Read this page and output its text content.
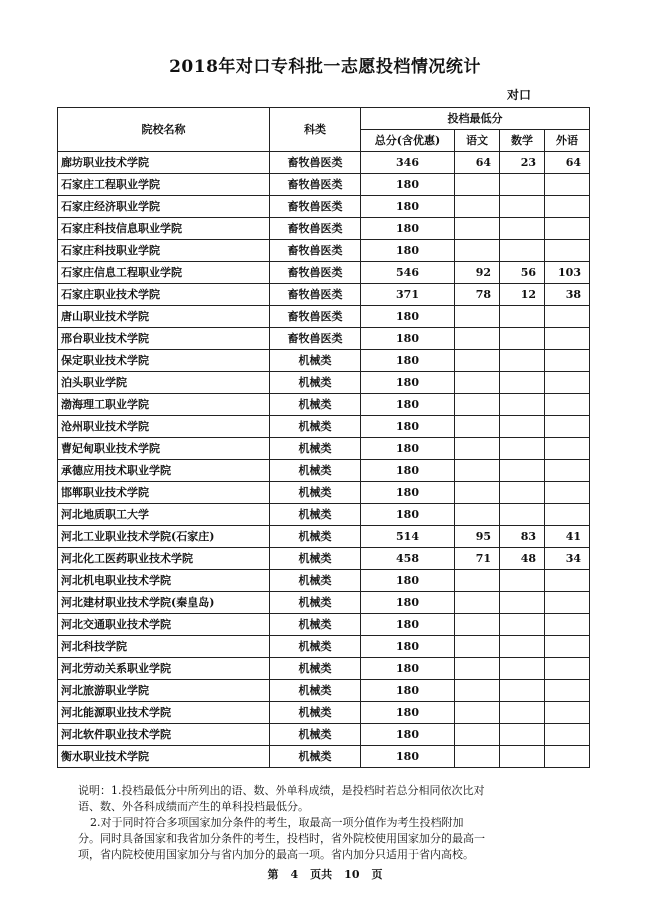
2018年对口专科批一志愿投档情况统计
对口
院校名称	科类	投档最低分			
		总分(含优惠)	语文	数学	外语
廊坊职业技术学院	畜牧兽医类	346	64	23	64
石家庄工程职业学院	畜牧兽医类	180			
石家庄经济职业学院	畜牧兽医类	180			
石家庄科技信息职业学院	畜牧兽医类	180			
石家庄科技职业学院	畜牧兽医类	180			
石家庄信息工程职业学院	畜牧兽医类	546	92	56	103
石家庄职业技术学院	畜牧兽医类	371	78	12	38
唐山职业技术学院	畜牧兽医类	180			
邢台职业技术学院	畜牧兽医类	180			
保定职业技术学院	机械类	180			
泊头职业学院	机械类	180			
渤海理工职业学院	机械类	180			
沧州职业技术学院	机械类	180			
曹妃甸职业技术学院	机械类	180			
承德应用技术职业学院	机械类	180			
邯郸职业技术学院	机械类	180			
河北地质职工大学	机械类	180			
河北工业职业技术学院(石家庄)	机械类	514	95	83	41
河北化工医药职业技术学院	机械类	458	71	48	34
河北机电职业技术学院	机械类	180			
河北建材职业技术学院(秦皇岛)	机械类	180			
河北交通职业技术学院	机械类	180			
河北科技学院	机械类	180			
河北劳动关系职业学院	机械类	180			
河北旅游职业学院	机械类	180			
河北能源职业技术学院	机械类	180			
河北软件职业技术学院	机械类	180			
衡水职业技术学院	机械类	180			

说明：1.投档最低分中所列出的语、数、外单科成绩，是投档时若总分相同依次比对

语、数、外各科成绩而产生的单科投档最低分。

2.对于同时符合多项国家加分条件的考生，取最高一项分值作为考生投档附加

分。同时具备国家和我省加分条件的考生，投档时，省外院校使用国家加分的最高一

项，省内院校使用国家加分与省内加分的最高一项。省内加分只适用于省内高校。

第 4 页共 10 页
